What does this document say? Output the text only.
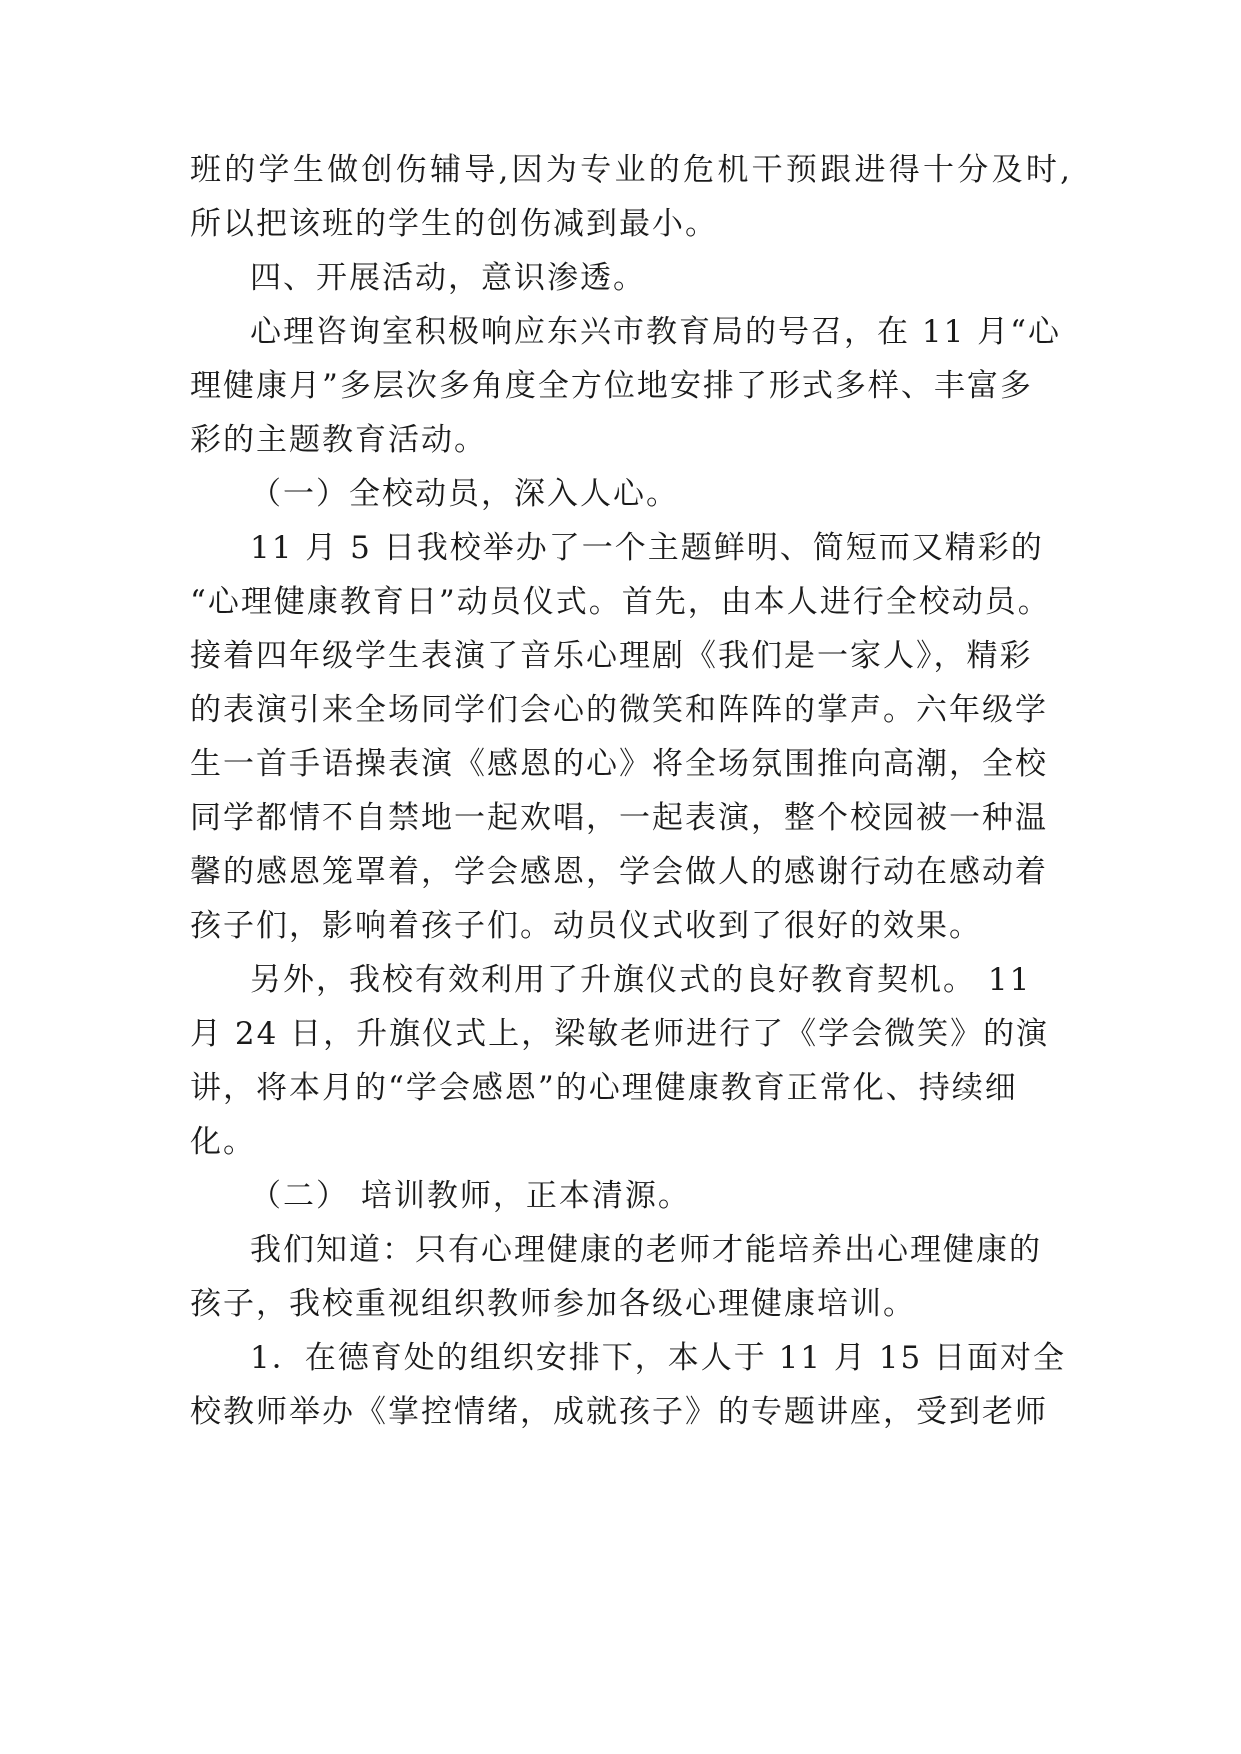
班的学生做创伤辅导,因为专业的危机干预跟进得十分及时,
所以把该班的学生的创伤减到最小。
四、开展活动，意识渗透。
心理咨询室积极响应东兴市教育局的号召，在 11 月“心
理健康月”多层次多角度全方位地安排了形式多样、丰富多
彩的主题教育活动。
（一）全校动员，深入人心。
11 月 5 日我校举办了一个主题鲜明、简短而又精彩的
“心理健康教育日”动员仪式。首先，由本人进行全校动员。
接着四年级学生表演了音乐心理剧《我们是一家人》，精彩
的表演引来全场同学们会心的微笑和阵阵的掌声。六年级学
生一首手语操表演《感恩的心》将全场氛围推向高潮，全校
同学都情不自禁地一起欢唱，一起表演，整个校园被一种温
馨的感恩笼罩着，学会感恩，学会做人的感谢行动在感动着
孩子们，影响着孩子们。动员仪式收到了很好的效果。
另外，我校有效利用了升旗仪式的良好教育契机。 11
月 24 日，升旗仪式上，梁敏老师进行了《学会微笑》的演
讲，将本月的“学会感恩”的心理健康教育正常化、持续细
化。
（二） 培训教师，正本清源。
我们知道：只有心理健康的老师才能培养出心理健康的
孩子，我校重视组织教师参加各级心理健康培训。
1．在德育处的组织安排下，本人于 11 月 15 日面对全
校教师举办《掌控情绪，成就孩子》的专题讲座，受到老师
